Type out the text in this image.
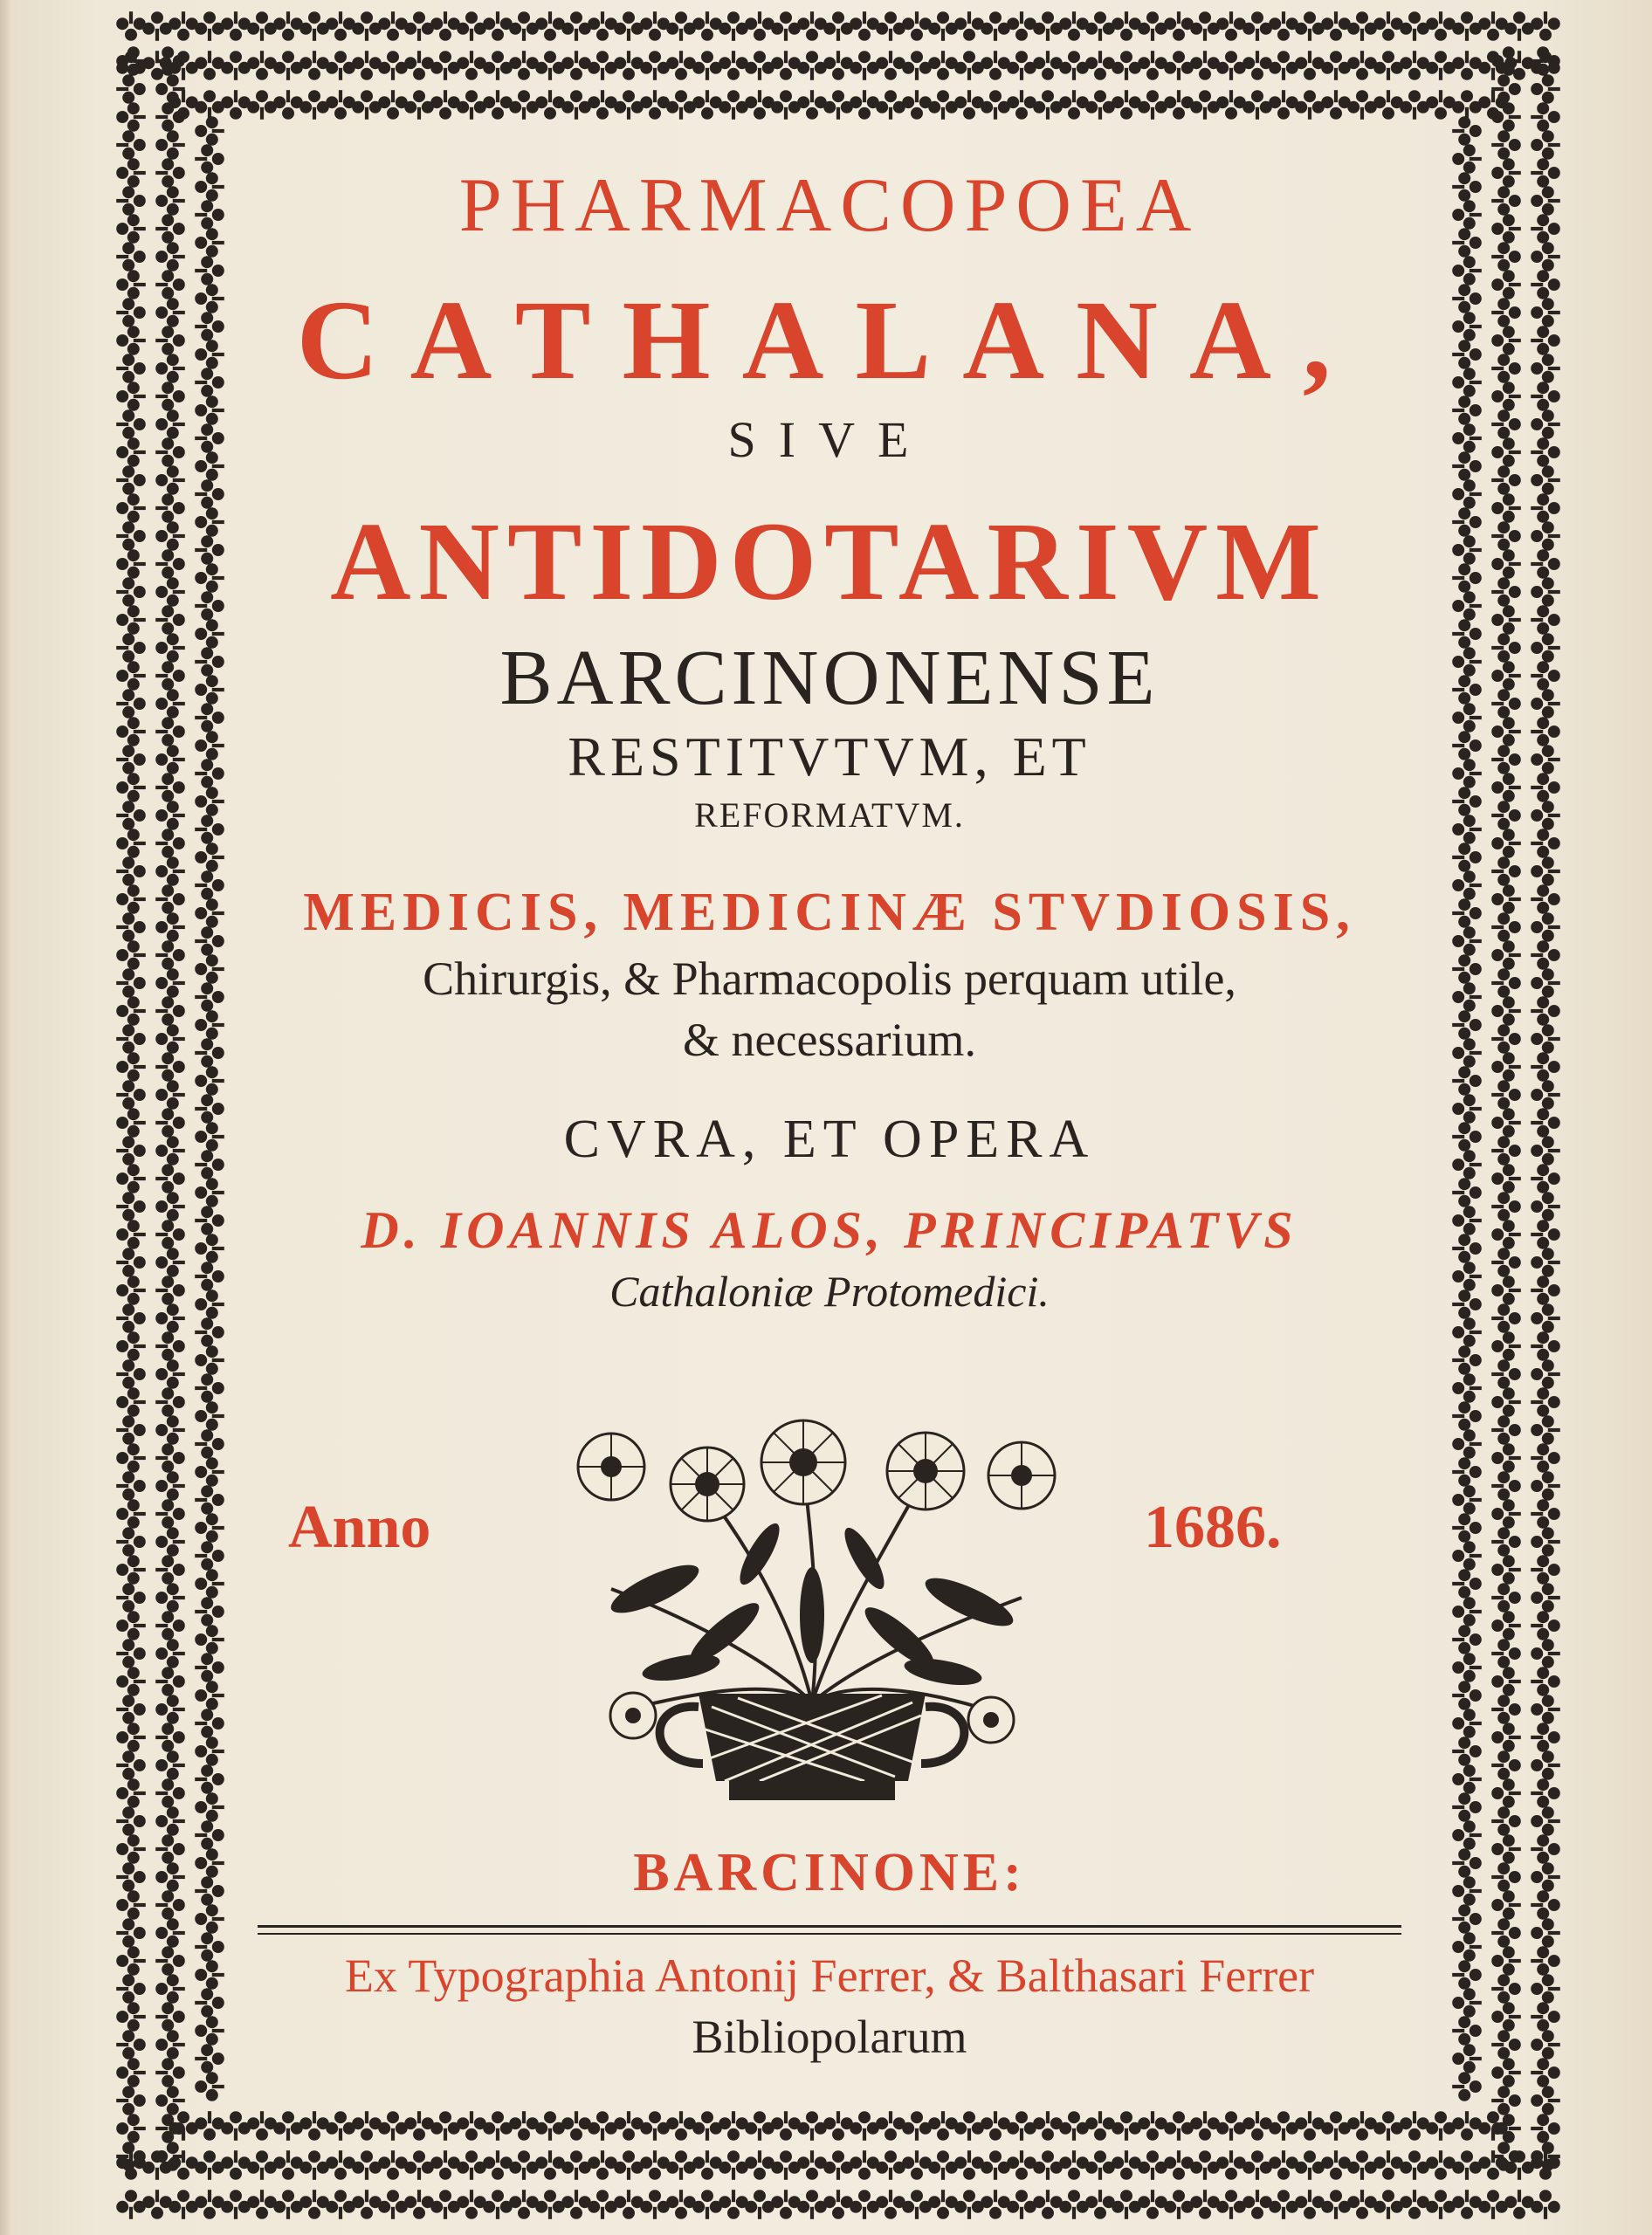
PHARMACOPOEA
CATHALANA,
SIVE
ANTIDOTARIVM
BARCINONENSE
RESTITVTVM, ET
REFORMATVM.
MEDICIS, MEDICINÆ STVDIOSIS,
Chirurgis, & Pharmacopolis perquam utile,
& necessarium.
CVRA, ET OPERA
D. IOANNIS ALOS, PRINCIPATVS
Cathaloniæ Protomedici.
Anno	1686.
BARCINONE:
Ex Typographia Antonij Ferrer, & Balthasari Ferrer
Bibliopolarum
